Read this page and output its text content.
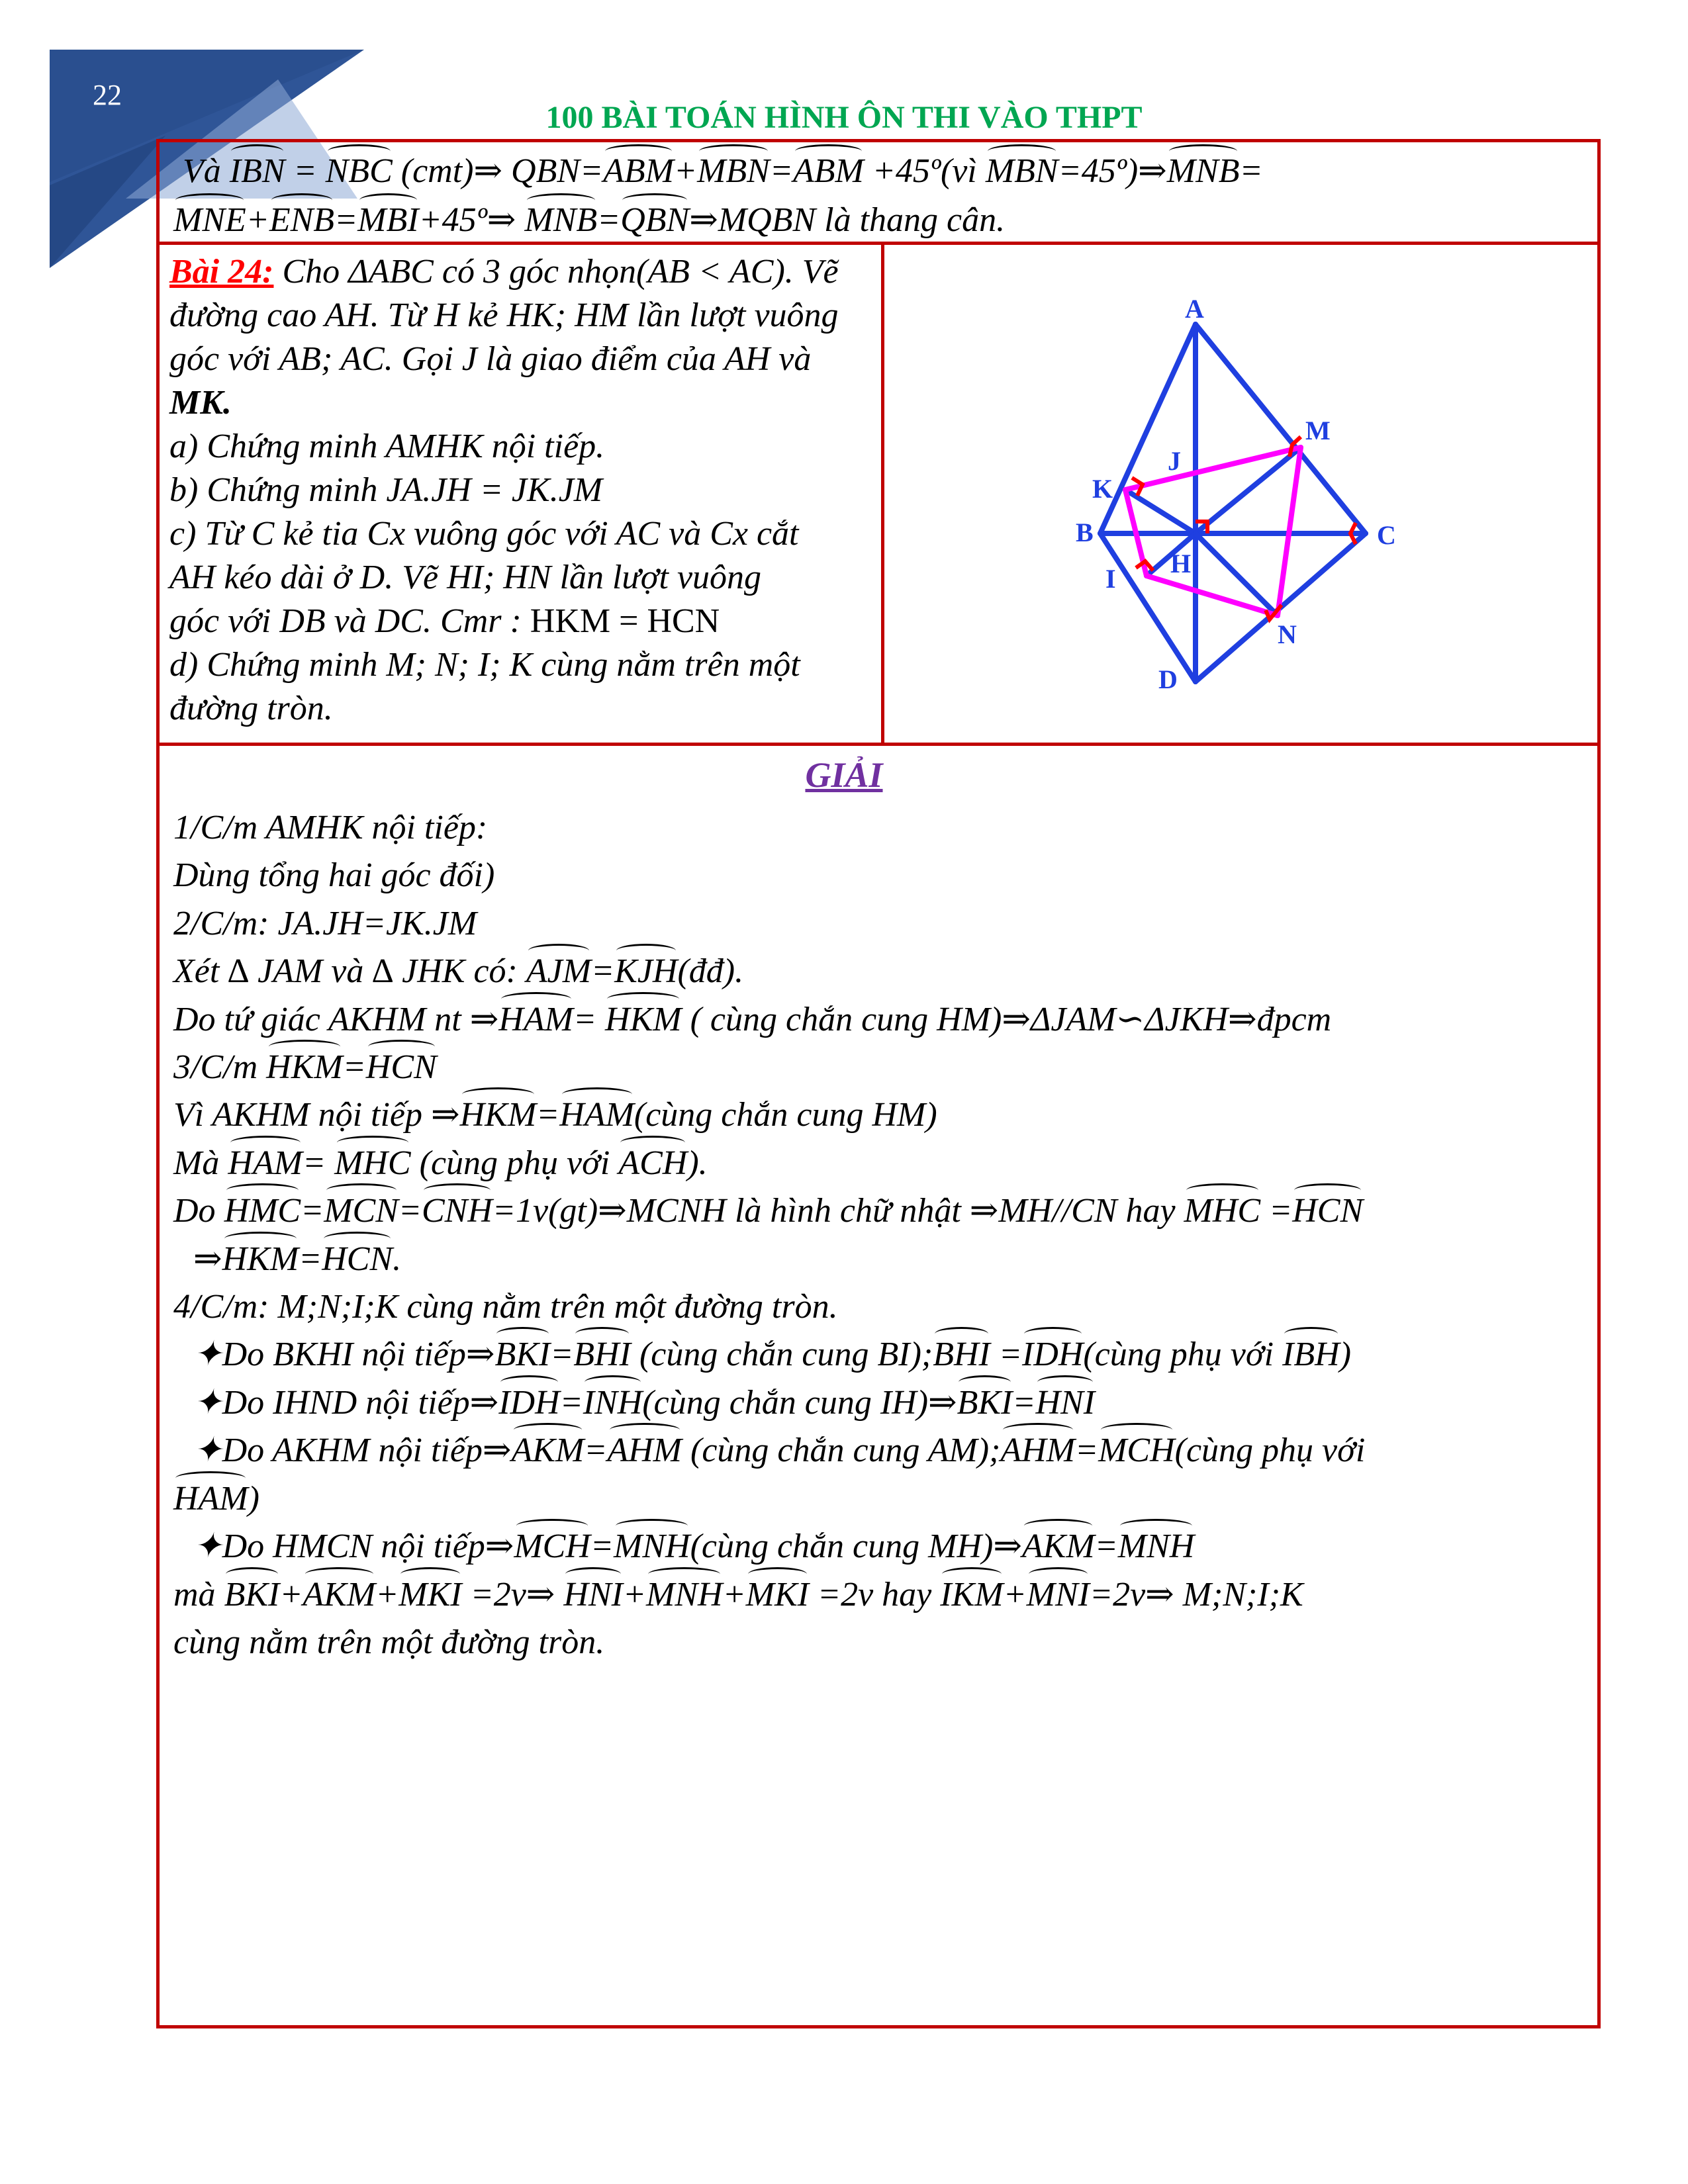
22
100 BÀI TOÁN HÌNH ÔN THI VÀO THPT
Và IBN = NBC (cmt)⇒ QBN=ABM+MBN=ABM +45º(vì MBN=45º)⇒MNB=
MNE+ENB=MBI+45º⇒ MNB=QBN⇒MQBN là thang cân.

Bài 24: Cho ΔABC có 3 góc nhọn(AB < AC). Vẽ

đường cao AH. Từ H kẻ HK; HM lần lượt vuông

góc với AB; AC. Gọi J là giao điểm của AH và

MK.

a) Chứng minh AMHK nội tiếp.

b) Chứng minh JA.JH = JK.JM

c) Từ C kẻ tia Cx vuông góc với AC và Cx cắt

AH kéo dài ở D. Vẽ HI; HN lần lượt vuông

góc với DB và DC. Cmr : HKM = HCN

d) Chứng minh M; N; I; K cùng nằm trên một

đường tròn.

A
M
J
K
B	C
H
I
N
D
GIẢI
1/C/m AMHK nội tiếp:
Dùng tổng hai góc đối)
2/C/m: JA.JH=JK.JM
Xét ∆ JAM và ∆ JHK có: AJM=KJH(đđ).
Do tứ giác AKHM nt ⇒HAM= HKM ( cùng chắn cung HM)⇒ΔJAM∽ΔJKH⇒đpcm
3/C/m HKM=HCN
Vì AKHM nội tiếp ⇒HKM=HAM(cùng chắn cung HM)
Mà HAM= MHC (cùng phụ với ACH).
Do HMC=MCN=CNH=1v(gt)⇒MCNH là hình chữ nhật ⇒MH//CN hay MHC =HCN
⇒HKM=HCN.
4/C/m: M;N;I;K cùng nằm trên một đường tròn.
✦Do BKHI nội tiếp⇒BKI=BHI (cùng chắn cung BI);BHI =IDH(cùng phụ với IBH)
✦Do IHND nội tiếp⇒IDH=INH(cùng chắn cung IH)⇒BKI=HNI
✦Do AKHM nội tiếp⇒AKM=AHM (cùng chắn cung AM);AHM=MCH(cùng phụ với
HAM)
✦Do HMCN nội tiếp⇒MCH=MNH(cùng chắn cung MH)⇒AKM=MNH
mà BKI+AKM+MKI =2v⇒ HNI+MNH+MKI =2v hay IKM+MNI=2v⇒ M;N;I;K
cùng nằm trên một đường tròn.
